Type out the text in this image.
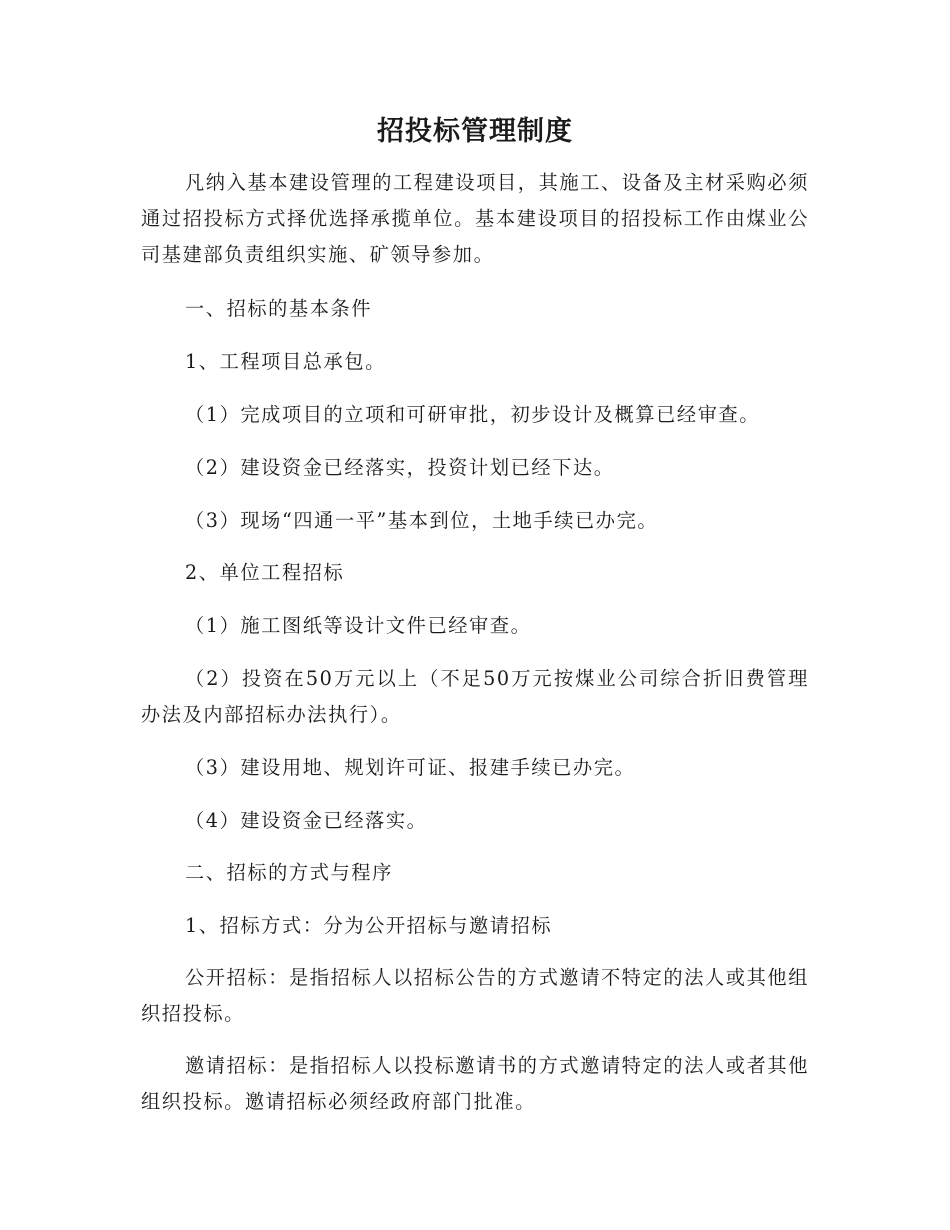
招投标管理制度

凡纳入基本建设管理的工程建设项目，其施工、设备及主材采购必须通过招投标方式择优选择承揽单位。基本建设项目的招投标工作由煤业公司基建部负责组织实施、矿领导参加。

一、招标的基本条件

1、工程项目总承包。

（1）完成项目的立项和可研审批，初步设计及概算已经审查。

（2）建设资金已经落实，投资计划已经下达。

（3）现场“四通一平”基本到位，土地手续已办完。

2、单位工程招标

（1）施工图纸等设计文件已经审查。

（2）投资在50万元以上（不足50万元按煤业公司综合折旧费管理办法及内部招标办法执行）。

（3）建设用地、规划许可证、报建手续已办完。

（4）建设资金已经落实。

二、招标的方式与程序

1、招标方式：分为公开招标与邀请招标

公开招标：是指招标人以招标公告的方式邀请不特定的法人或其他组织招投标。

邀请招标：是指招标人以投标邀请书的方式邀请特定的法人或者其他组织投标。邀请招标必须经政府部门批准。
